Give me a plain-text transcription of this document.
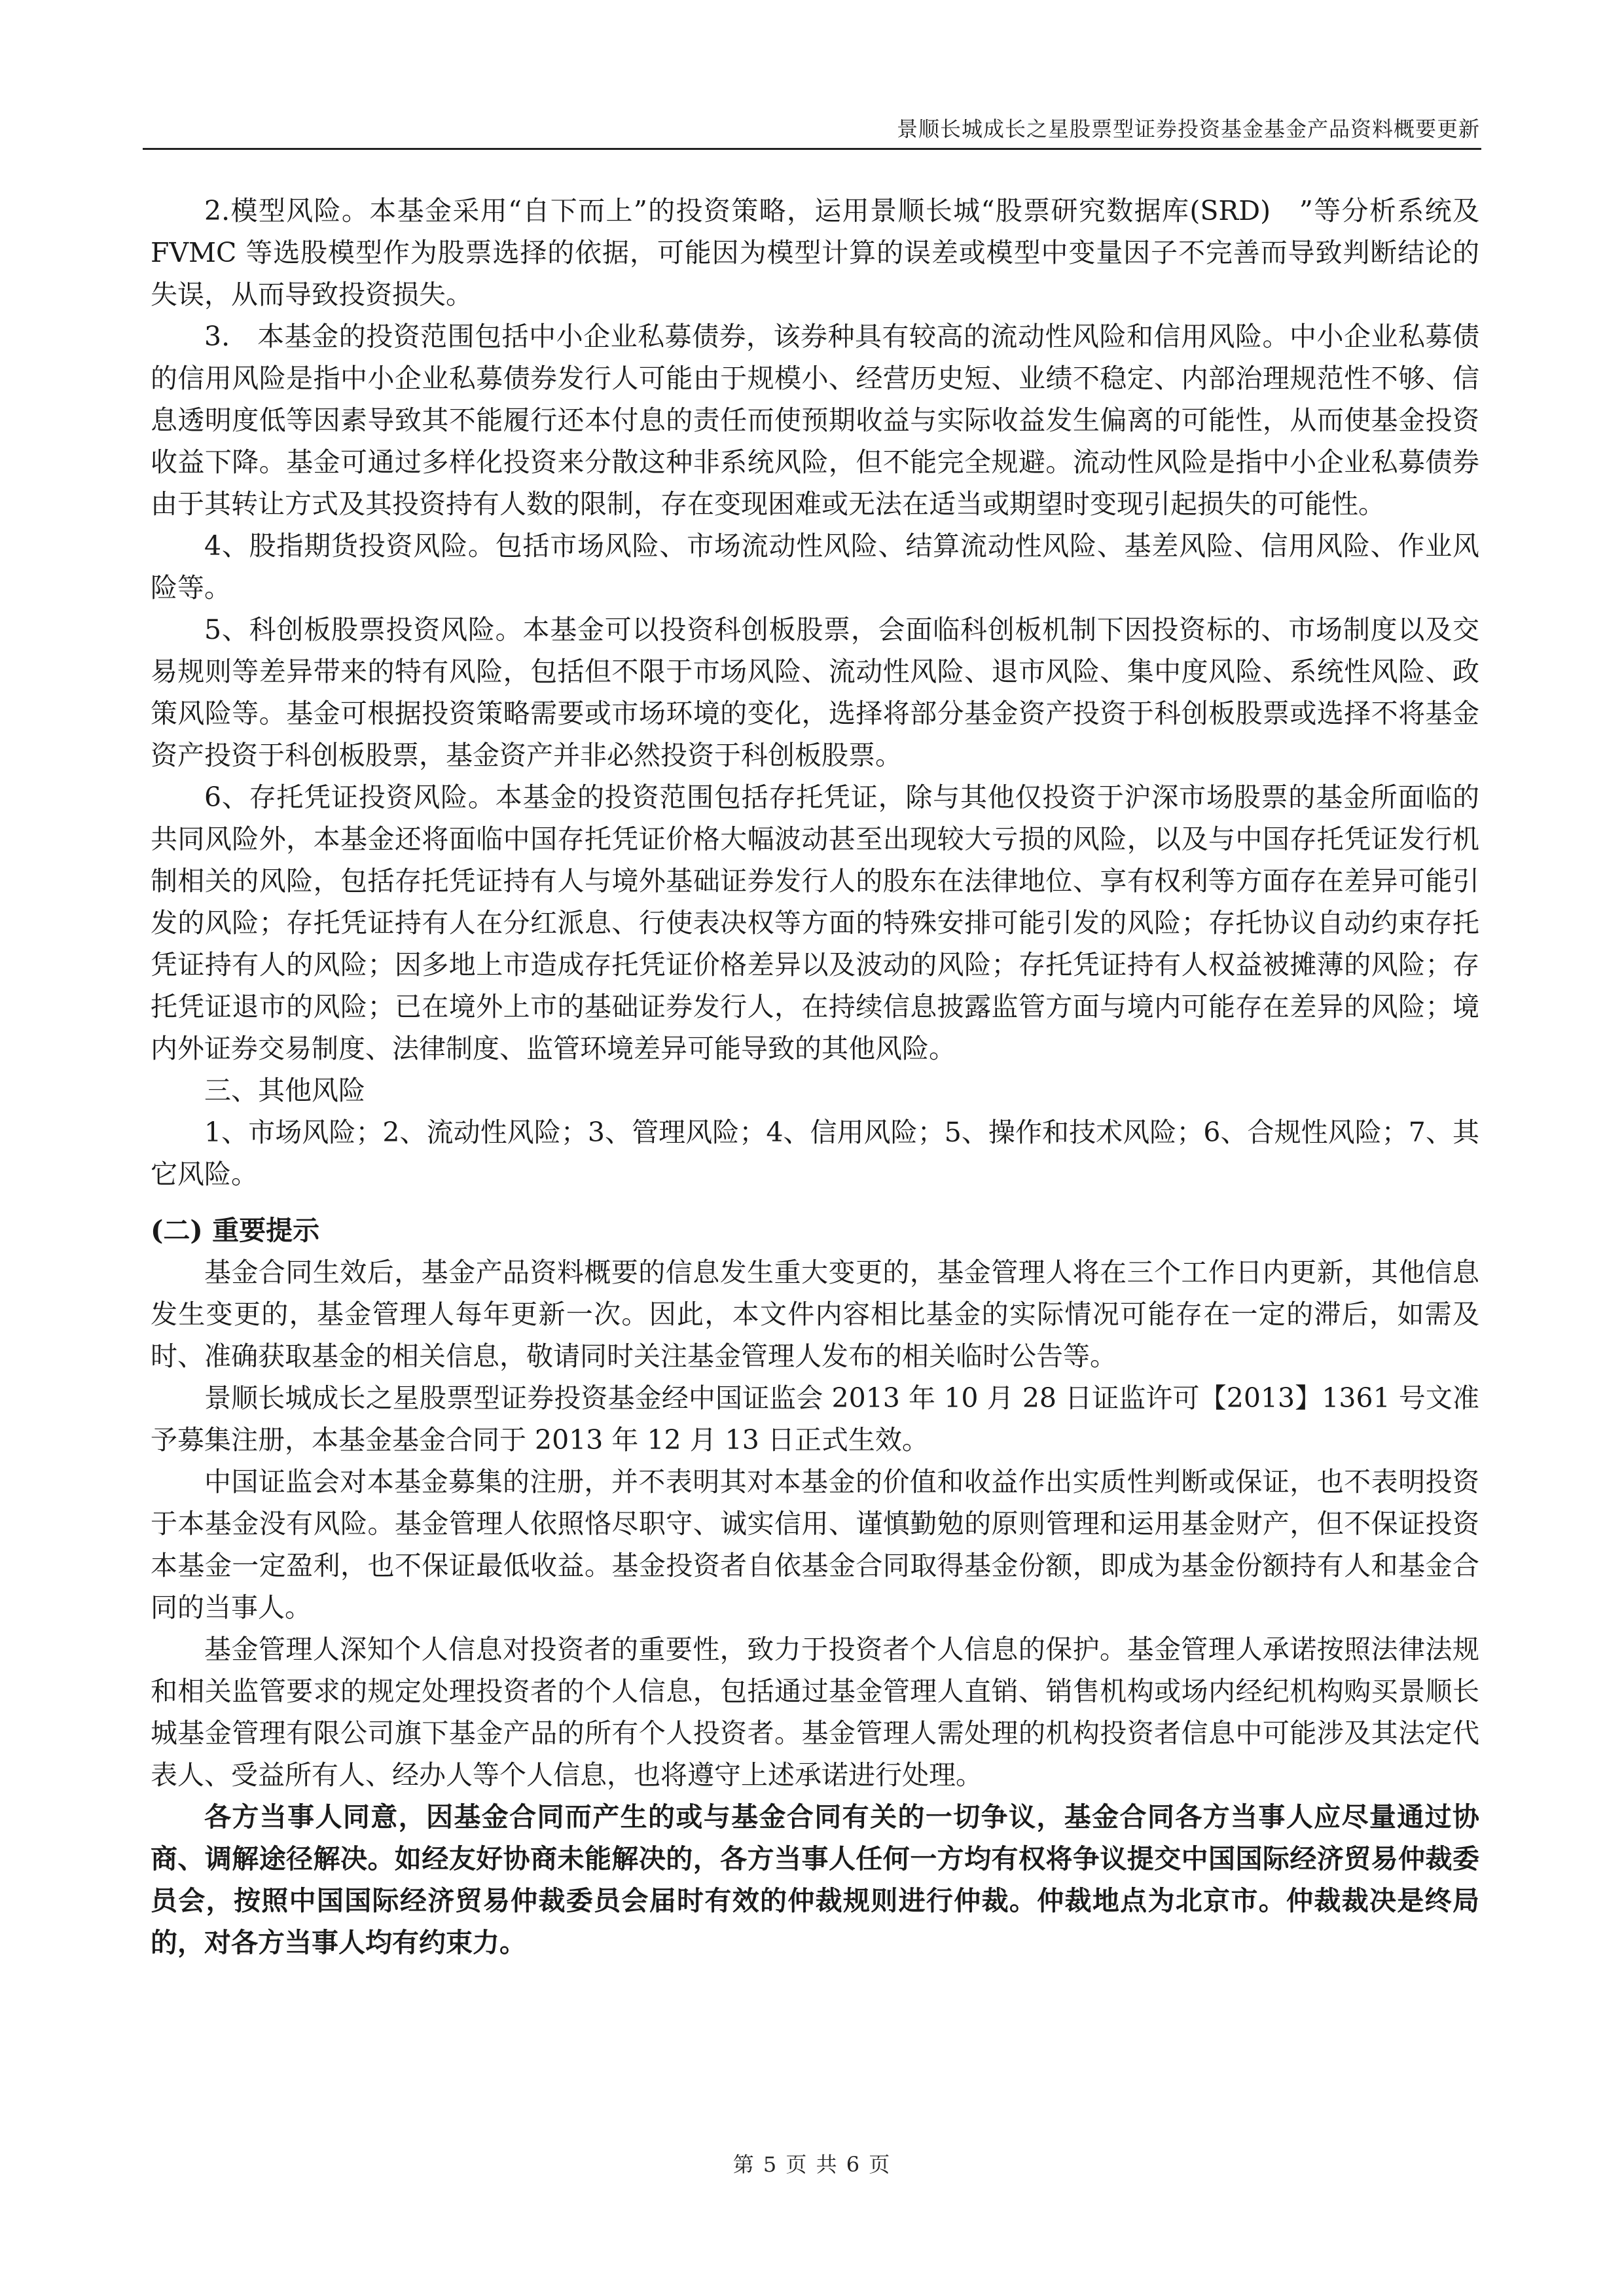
景顺长城成长之星股票型证券投资基金基金产品资料概要更新

2.模型风险。本基金采用“自下而上”的投资策略，运用景顺长城“股票研究数据库(SRD)　”等分析系统及 FVMC 等选股模型作为股票选择的依据，可能因为模型计算的误差或模型中变量因子不完善而导致判断结论的失误，从而导致投资损失。

3.　本基金的投资范围包括中小企业私募债券，该券种具有较高的流动性风险和信用风险。中小企业私募债的信用风险是指中小企业私募债券发行人可能由于规模小、经营历史短、业绩不稳定、内部治理规范性不够、信息透明度低等因素导致其不能履行还本付息的责任而使预期收益与实际收益发生偏离的可能性，从而使基金投资收益下降。基金可通过多样化投资来分散这种非系统风险，但不能完全规避。流动性风险是指中小企业私募债券由于其转让方式及其投资持有人数的限制，存在变现困难或无法在适当或期望时变现引起损失的可能性。

4、股指期货投资风险。包括市场风险、市场流动性风险、结算流动性风险、基差风险、信用风险、作业风险等。

5、科创板股票投资风险。本基金可以投资科创板股票，会面临科创板机制下因投资标的、市场制度以及交易规则等差异带来的特有风险，包括但不限于市场风险、流动性风险、退市风险、集中度风险、系统性风险、政策风险等。基金可根据投资策略需要或市场环境的变化，选择将部分基金资产投资于科创板股票或选择不将基金资产投资于科创板股票，基金资产并非必然投资于科创板股票。

6、存托凭证投资风险。本基金的投资范围包括存托凭证，除与其他仅投资于沪深市场股票的基金所面临的共同风险外，本基金还将面临中国存托凭证价格大幅波动甚至出现较大亏损的风险，以及与中国存托凭证发行机制相关的风险，包括存托凭证持有人与境外基础证券发行人的股东在法律地位、享有权利等方面存在差异可能引发的风险；存托凭证持有人在分红派息、行使表决权等方面的特殊安排可能引发的风险；存托协议自动约束存托凭证持有人的风险；因多地上市造成存托凭证价格差异以及波动的风险；存托凭证持有人权益被摊薄的风险；存托凭证退市的风险；已在境外上市的基础证券发行人，在持续信息披露监管方面与境内可能存在差异的风险；境内外证券交易制度、法律制度、监管环境差异可能导致的其他风险。

三、其他风险

1、市场风险；2、流动性风险；3、管理风险；4、信用风险；5、操作和技术风险；6、合规性风险；7、其它风险。

(二) 重要提示

基金合同生效后，基金产品资料概要的信息发生重大变更的，基金管理人将在三个工作日内更新，其他信息发生变更的，基金管理人每年更新一次。因此，本文件内容相比基金的实际情况可能存在一定的滞后，如需及时、准确获取基金的相关信息，敬请同时关注基金管理人发布的相关临时公告等。

景顺长城成长之星股票型证券投资基金经中国证监会 2013 年 10 月 28 日证监许可【2013】1361 号文准予募集注册，本基金基金合同于 2013 年 12 月 13 日正式生效。

中国证监会对本基金募集的注册，并不表明其对本基金的价值和收益作出实质性判断或保证，也不表明投资于本基金没有风险。基金管理人依照恪尽职守、诚实信用、谨慎勤勉的原则管理和运用基金财产，但不保证投资本基金一定盈利，也不保证最低收益。基金投资者自依基金合同取得基金份额，即成为基金份额持有人和基金合同的当事人。

基金管理人深知个人信息对投资者的重要性，致力于投资者个人信息的保护。基金管理人承诺按照法律法规和相关监管要求的规定处理投资者的个人信息，包括通过基金管理人直销、销售机构或场内经纪机构购买景顺长城基金管理有限公司旗下基金产品的所有个人投资者。基金管理人需处理的机构投资者信息中可能涉及其法定代表人、受益所有人、经办人等个人信息，也将遵守上述承诺进行处理。

各方当事人同意，因基金合同而产生的或与基金合同有关的一切争议，基金合同各方当事人应尽量通过协商、调解途径解决。如经友好协商未能解决的，各方当事人任何一方均有权将争议提交中国国际经济贸易仲裁委员会，按照中国国际经济贸易仲裁委员会届时有效的仲裁规则进行仲裁。仲裁地点为北京市。仲裁裁决是终局的，对各方当事人均有约束力。

第 5 页 共 6 页
